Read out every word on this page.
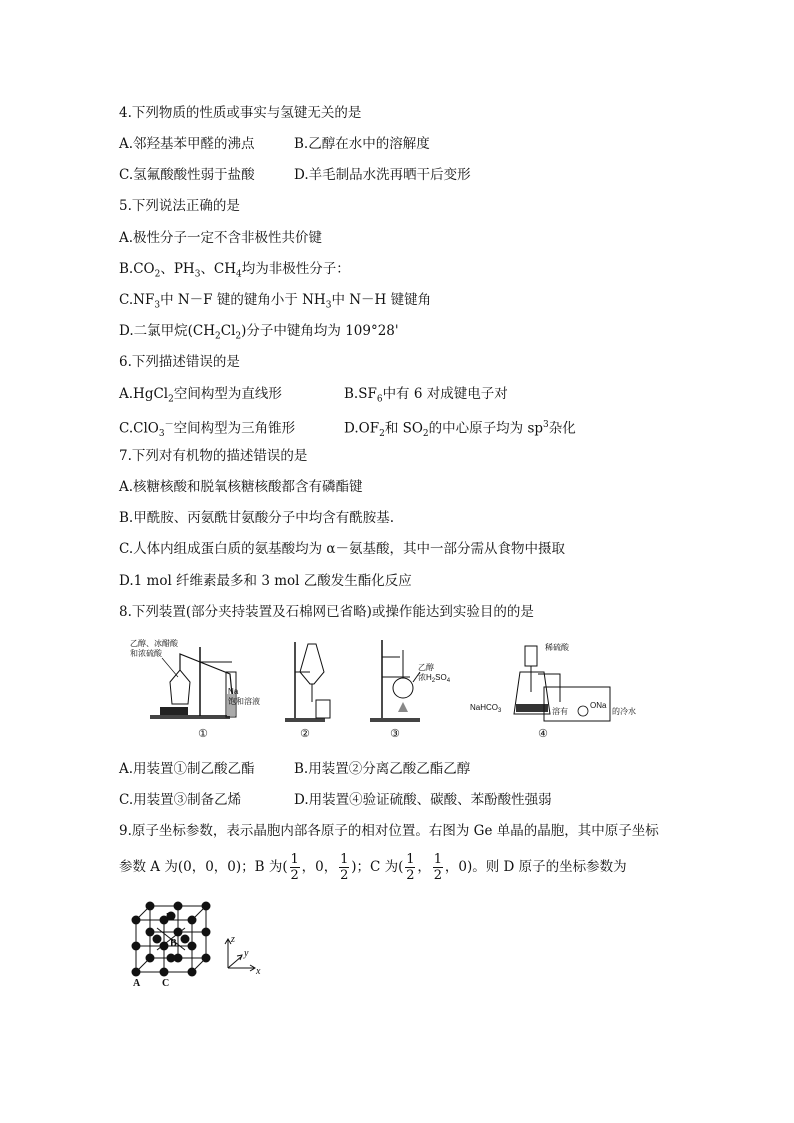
4.下列物质的性质或事实与氢键无关的是
A.邻羟基苯甲醛的沸点	B.乙醇在水中的溶解度
C.氢氟酸酸性弱于盐酸	D.羊毛制品水洗再晒干后变形
5.下列说法正确的是
A.极性分子一定不含非极性共价键
$B.CO_2$、$PH_3$、$CH_4$均为非极性分子：
$C.NF_3$中 N－F 键的键角小于 $NH_3$中 N－H 键键角
D.二氯甲烷$(CH_2Cl_2)$分子中键角均为 109°28'
6.下列描述错误的是
A.HgCl$_2$空间构型为直线形	$B.SF_6$中有 6 对成键电子对
C.ClO$_3$－空间构型为三角锥形	$D.OF_2$和 $SO_2$的中心原子均为 $sp^3$杂化
7.下列对有机物的描述错误的是
A.核糖核酸和脱氧核糖核酸都含有磷酯键
B.甲酰胺、丙氨酰甘氨酸分子中均含有酰胺基.
C.人体内组成蛋白质的氨基酸均为 α－氨基酸，其中一部分需从食物中摄取
D.1 mol 纤维素最多和 3 mol 乙酸发生酯化反应
8.下列装置(部分夹持装置及石棉网已省略)或操作能达到实验目的的是
乙醇、冰醋酸
和浓硫酸
Na
饱和溶液
①	②
乙醇
浓$H_2SO_4$
③
NaHCO$_3$
稀硫酸
溶有
ONa
的冷水
④
A.用装置①制乙酸乙酯	B.用装置②分离乙酸乙酯乙醇
C.用装置③制备乙烯	D.用装置④验证硫酸、碳酸、苯酚酸性强弱
9.原子坐标参数，表示晶胞内部各原子的相对位置。右图为 Ge 单晶的晶胞，其中原子坐标
参数 A 为(0，0，0)；B 为( $\frac{1}{2}$ ，0， $\frac{1}{2}$ )；C 为( $\frac{1}{2}$ ， $\frac{1}{2}$ ，0)。则 D 原子的坐标参数为
D
B
A C
z
y
x
